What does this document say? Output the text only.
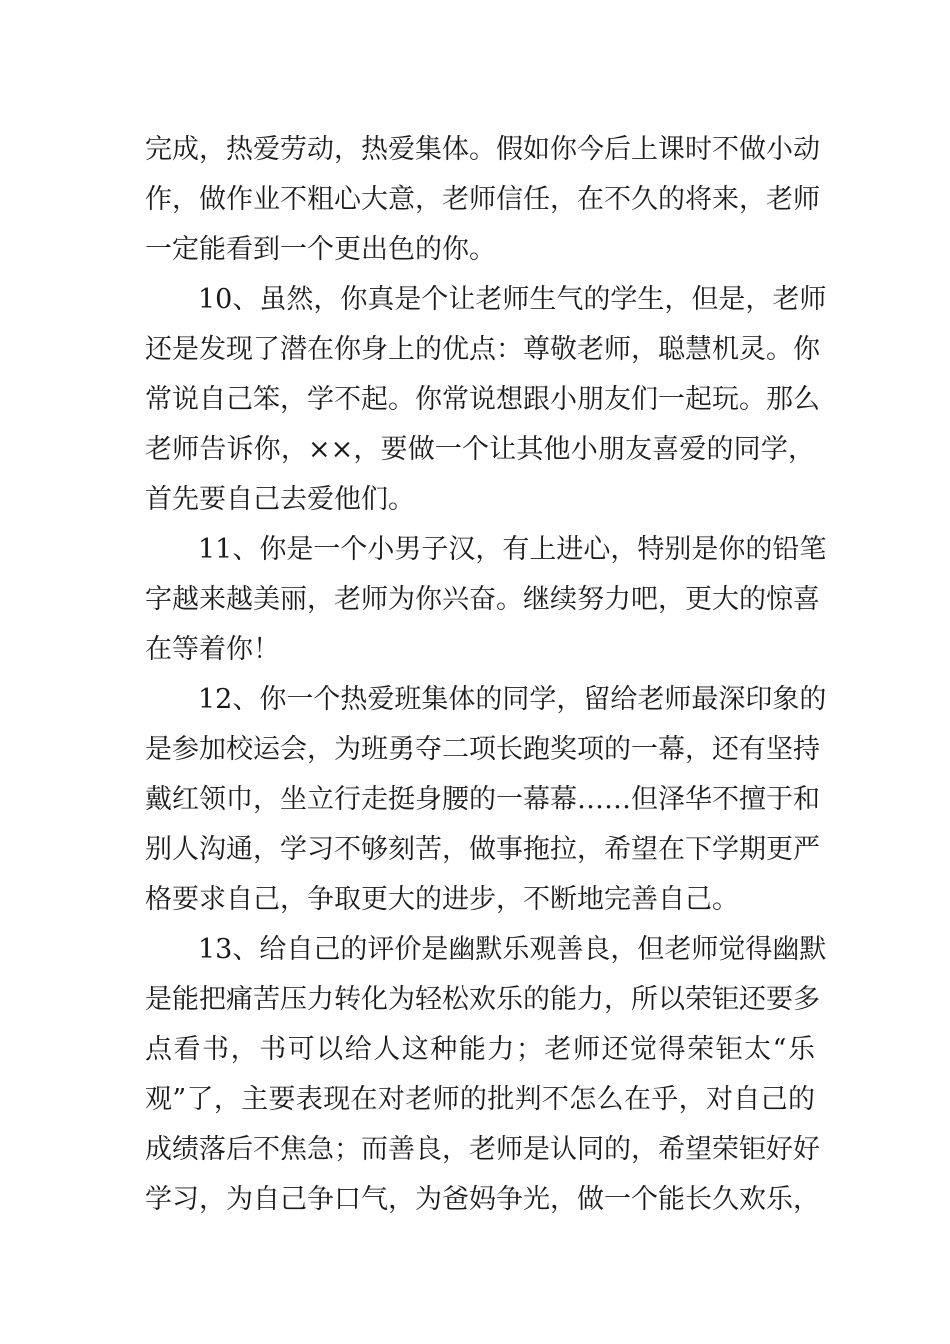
完成，热爱劳动，热爱集体。假如你今后上课时不做小动
作，做作业不粗心大意，老师信任，在不久的将来，老师
一定能看到一个更出色的你。
10、虽然，你真是个让老师生气的学生，但是，老师
还是发现了潜在你身上的优点：尊敬老师，聪慧机灵。你
常说自己笨，学不起。你常说想跟小朋友们一起玩。那么
老师告诉你，××，要做一个让其他小朋友喜爱的同学，
首先要自己去爱他们。
11、你是一个小男子汉，有上进心，特别是你的铅笔
字越来越美丽，老师为你兴奋。继续努力吧，更大的惊喜
在等着你！
12、你一个热爱班集体的同学，留给老师最深印象的
是参加校运会，为班勇夺二项长跑奖项的一幕，还有坚持
戴红领巾，坐立行走挺身腰的一幕幕……但泽华不擅于和
别人沟通，学习不够刻苦，做事拖拉，希望在下学期更严
格要求自己，争取更大的进步，不断地完善自己。
13、给自己的评价是幽默乐观善良，但老师觉得幽默
是能把痛苦压力转化为轻松欢乐的能力，所以荣钜还要多
点看书，书可以给人这种能力；老师还觉得荣钜太“乐
观”了，主要表现在对老师的批判不怎么在乎，对自己的
成绩落后不焦急；而善良，老师是认同的，希望荣钜好好
学习，为自己争口气，为爸妈争光，做一个能长久欢乐，
